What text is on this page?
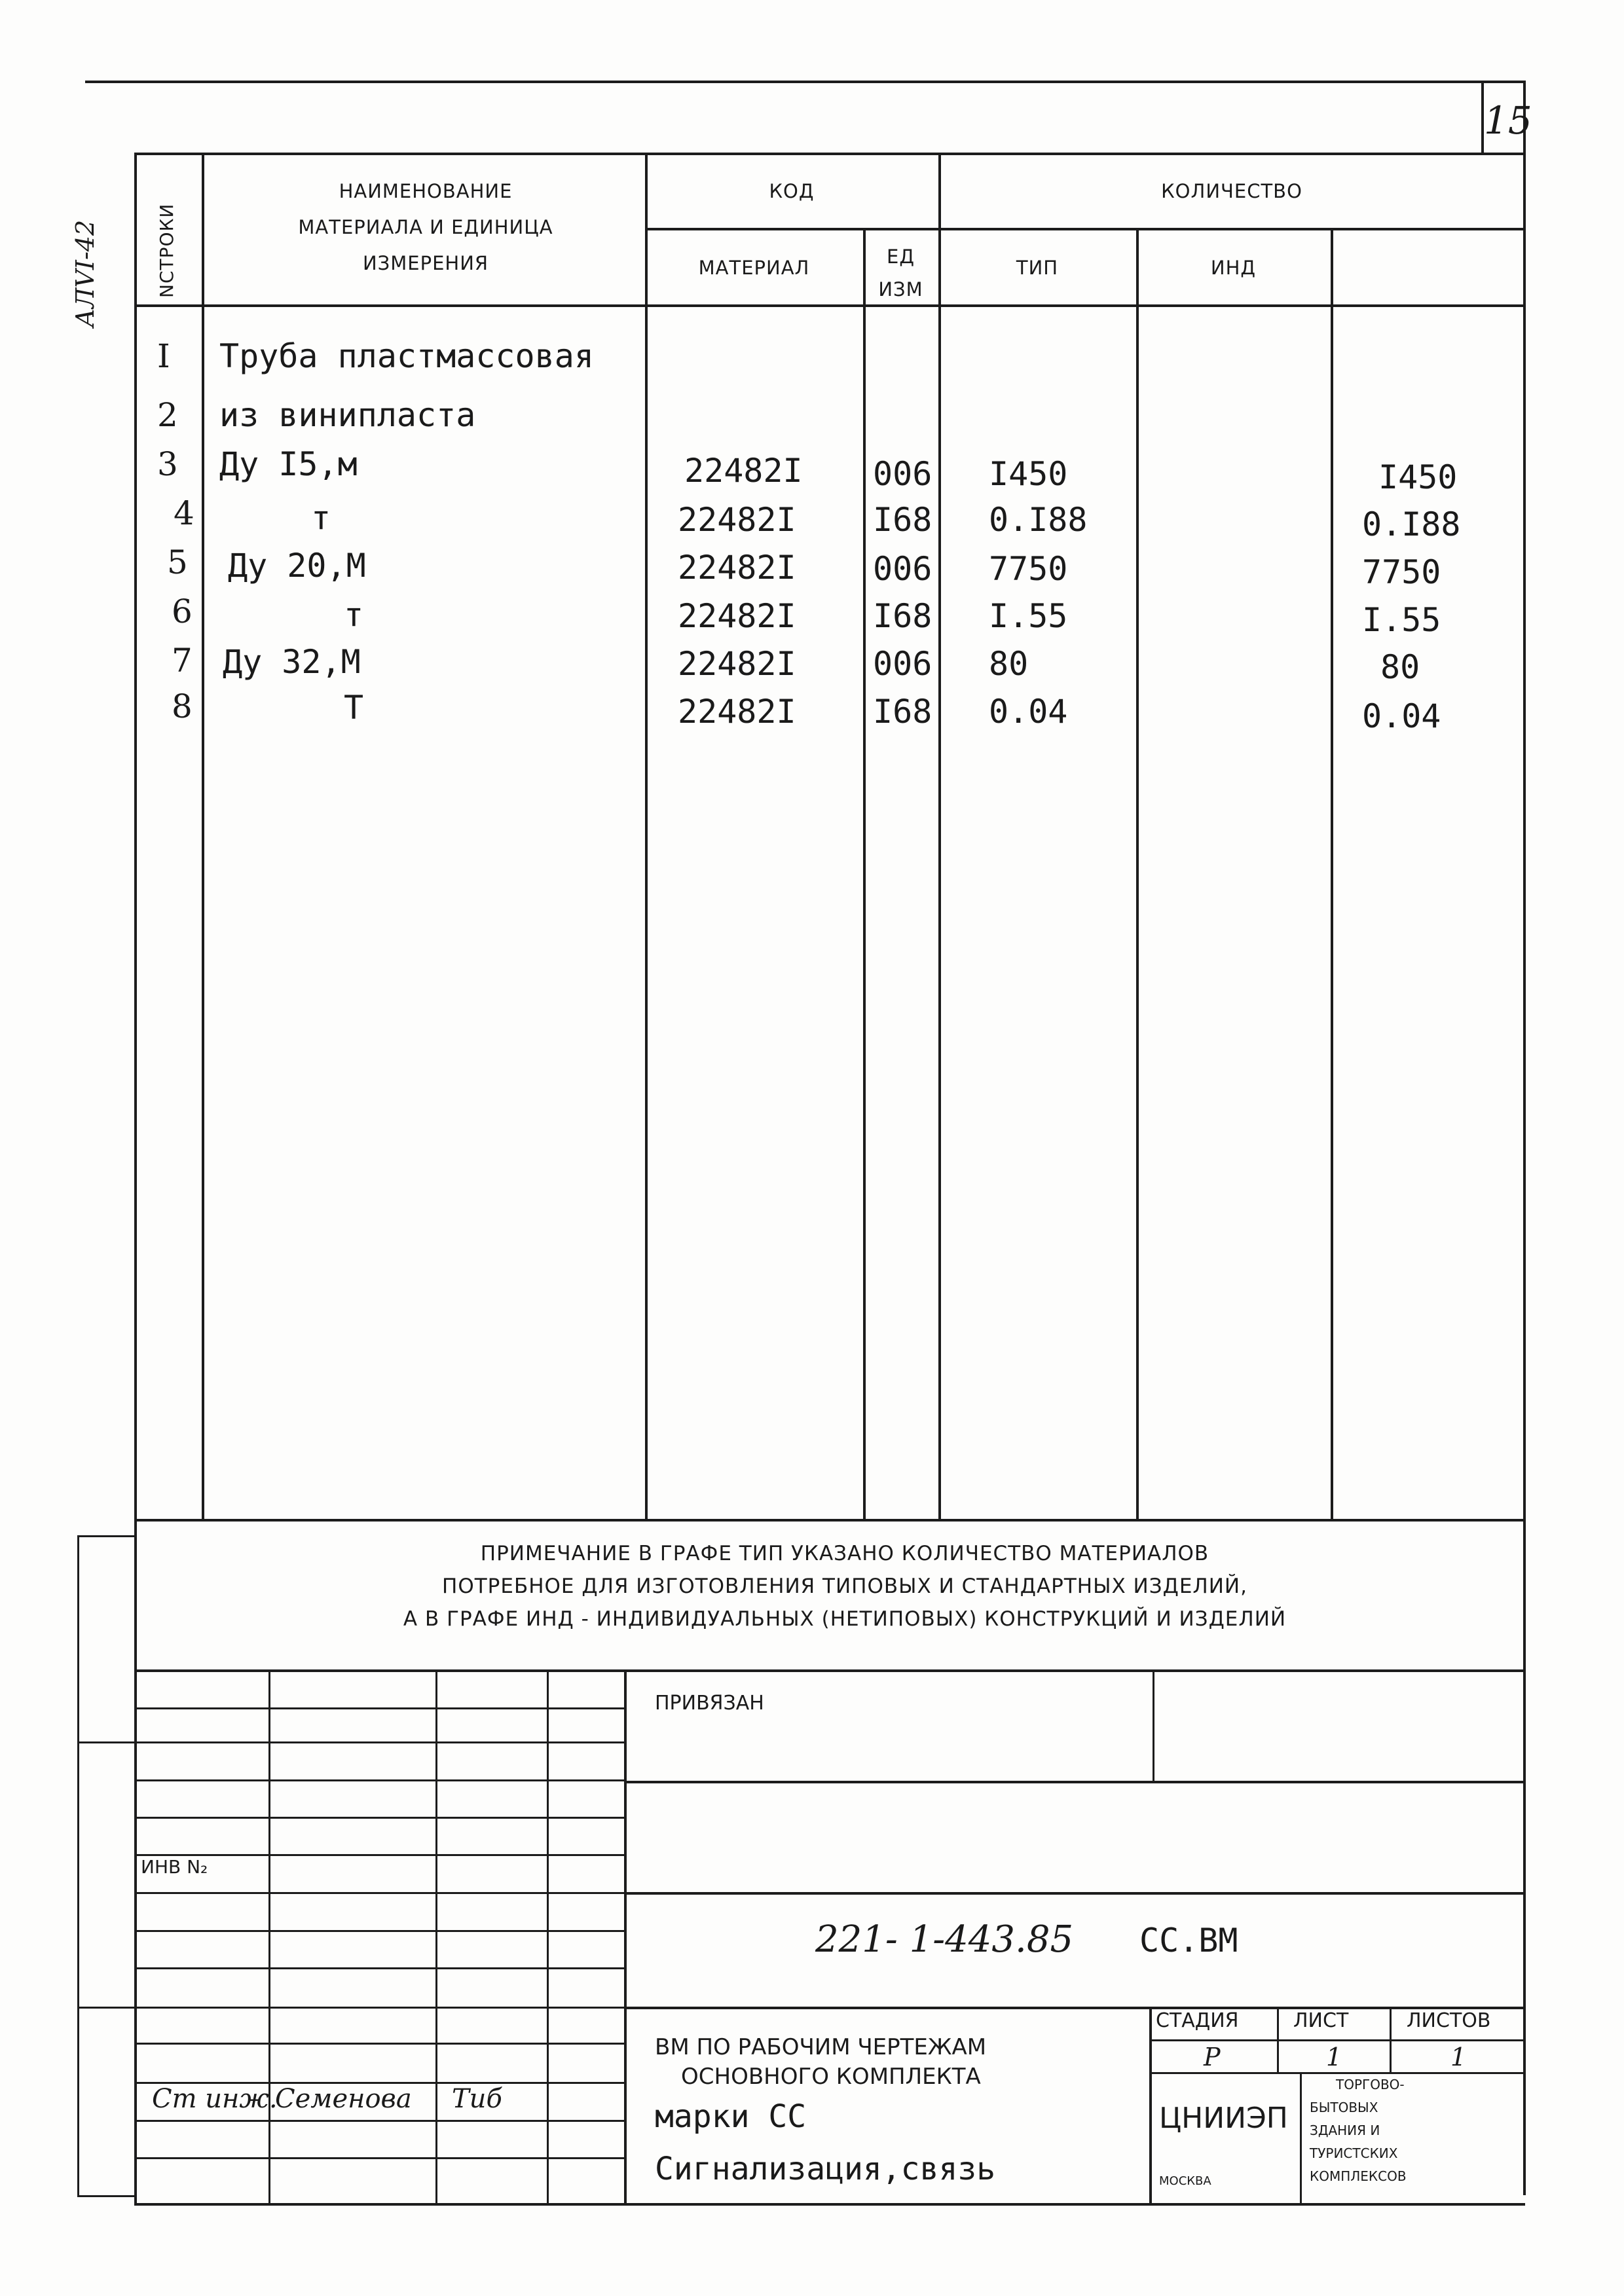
15
АЛVI-42	NСТРОКИ
НАИМЕНОВАНИЕ
МАТЕРИАЛА И ЕДИНИЦА
ИЗМЕРЕНИЯ
КОД	КОЛИЧЕСТВО
МАТЕРИАЛ	ЕД
ИЗМ
ТИП	ИНД
I Труба пластмассовая
2 из винипласта
3 Ду I5,м	22482I 006 I450	I450
4	т	22482I I68 0.I88	0.I88
5 Ду 20,М	22482I 006 7750	7750
6	т	22482I I68 I.55	I.55
7 Ду 32,М	22482I 006 80	80
8	Т	22482I I68 0.04	0.04
ПРИМЕЧАНИЕ В ГРАФЕ ТИП УКАЗАНО КОЛИЧЕСТВО МАТЕРИАЛОВ
ПОТРЕБНОЕ ДЛЯ ИЗГОТОВЛЕНИЯ ТИПОВЫХ И СТАНДАРТНЫХ ИЗДЕЛИЙ,
А В ГРАФЕ ИНД - ИНДИВИДУАЛЬНЫХ (НЕТИПОВЫХ) КОНСТРУКЦИЙ И ИЗДЕЛИЙ
ПРИВЯЗАН
ИНВ N₂
221- 1-443.85 СС.ВМ
ВМ ПО РАБОЧИМ ЧЕРТЕЖАМ
ОСНОВНОГО КОМПЛЕКТА
марки СС
Сигнализация,связь
СТАДИЯ	ЛИСТ	ЛИСТОВ
Р	1	1
ЦНИИЭП
МОСКВА
ТОРГОВО-
БЫТОВЫХ
ЗДАНИЯ И
ТУРИСТСКИХ
КОМПЛЕКСОВ
Ст инж.
Семенова Тиб
